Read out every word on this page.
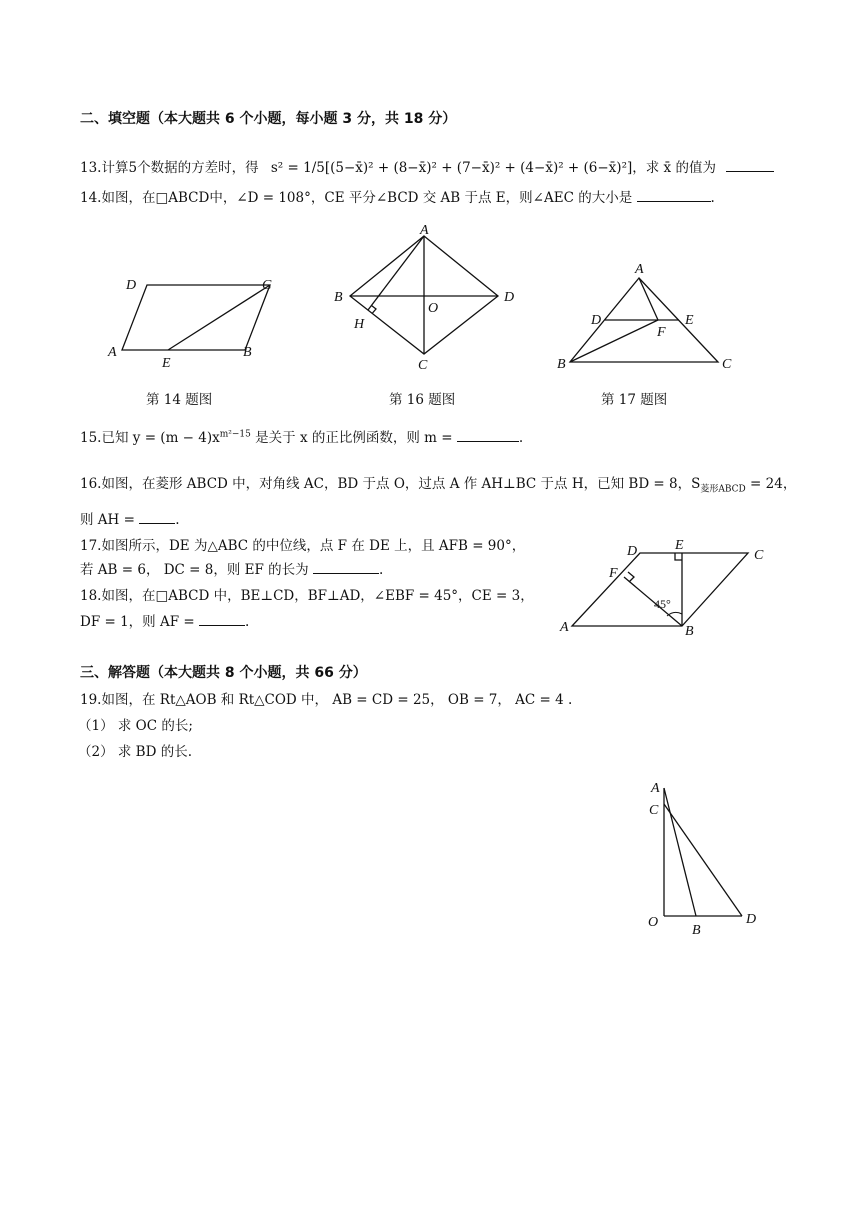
二、填空题（本大题共 6 个小题，每小题 3 分，共 18 分）
13.计算5个数据的方差时，得 s² = 1/5[(5−x̄)² + (8−x̄)² + (7−x̄)² + (4−x̄)² + (6−x̄)²]，求 x̄ 的值为
14.如图，在□ABCD中，∠D = 108°，CE 平分∠BCD 交 AB 于点 E，则∠AEC 的大小是	.
D	C
A
E
B
第 14 题图
A
B
O
D
H
C
第 16 题图
A
D	E
F
B	C
第 17 题图
15.已知 $y = (m - 4)x^{m^2-15}$ 是关于 x 的正比例函数，则 m =	.
16.如图，在菱形 ABCD 中，对角线 AC，BD 于点 O，过点 A 作 AH⊥BC 于点 H，已知 BD = 8，$S_{菱形ABCD} = 24$，
则 AH =	.
17.如图所示，DE 为△ABC 的中位线，点 F 在 DE 上，且 AFB = 90°，
若 AB = 6， DC = 8，则 EF 的长为	.
18.如图，在□ABCD 中，BE⊥CD，BF⊥AD，∠EBF = 45°，CE = 3，
DF = 1，则 AF =	.
D	E
C
F
45°
A	B
三、解答题（本大题共 8 个小题，共 66 分）
19.如图，在 Rt△AOB 和 Rt△COD 中， AB = CD = 25， OB = 7， AC = 4 .
（1） 求 OC 的长;
（2） 求 BD 的长.
A
C
O
B
D
